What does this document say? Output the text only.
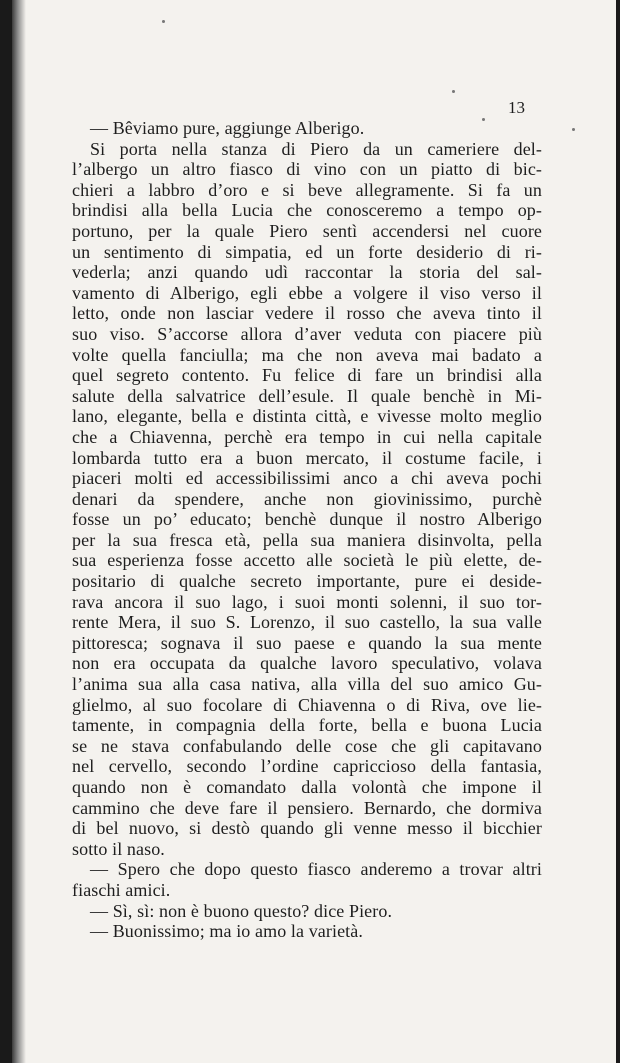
13
— Bêviamo pure, aggiunge Alberigo.
Si porta nella stanza di Piero da un cameriere del-
l’albergo un altro fiasco di vino con un piatto di bic-
chieri a labbro d’oro e si beve allegramente. Si fa un
brindisi alla bella Lucia che conosceremo a tempo op-
portuno, per la quale Piero sentì accendersi nel cuore
un sentimento di simpatia, ed un forte desiderio di ri-
vederla; anzi quando udì raccontar la storia del sal-
vamento di Alberigo, egli ebbe a volgere il viso verso il
letto, onde non lasciar vedere il rosso che aveva tinto il
suo viso. S’accorse allora d’aver veduta con piacere più
volte quella fanciulla; ma che non aveva mai badato a
quel segreto contento. Fu felice di fare un brindisi alla
salute della salvatrice dell’esule. Il quale benchè in Mi-
lano, elegante, bella e distinta città, e vivesse molto meglio
che a Chiavenna, perchè era tempo in cui nella capitale
lombarda tutto era a buon mercato, il costume facile, i
piaceri molti ed accessibilissimi anco a chi aveva pochi
denari da spendere, anche non giovinissimo, purchè
fosse un po’ educato; benchè dunque il nostro Alberigo
per la sua fresca età, pella sua maniera disinvolta, pella
sua esperienza fosse accetto alle società le più elette, de-
positario di qualche secreto importante, pure ei deside-
rava ancora il suo lago, i suoi monti solenni, il suo tor-
rente Mera, il suo S. Lorenzo, il suo castello, la sua valle
pittoresca; sognava il suo paese e quando la sua mente
non era occupata da qualche lavoro speculativo, volava
l’anima sua alla casa nativa, alla villa del suo amico Gu-
glielmo, al suo focolare di Chiavenna o di Riva, ove lie-
tamente, in compagnia della forte, bella e buona Lucia
se ne stava confabulando delle cose che gli capitavano
nel cervello, secondo l’ordine capriccioso della fantasia,
quando non è comandato dalla volontà che impone il
cammino che deve fare il pensiero. Bernardo, che dormiva
di bel nuovo, si destò quando gli venne messo il bicchier
sotto il naso.
— Spero che dopo questo fiasco anderemo a trovar altri
fiaschi amici.
— Sì, sì: non è buono questo? dice Piero.
— Buonissimo; ma io amo la varietà.
